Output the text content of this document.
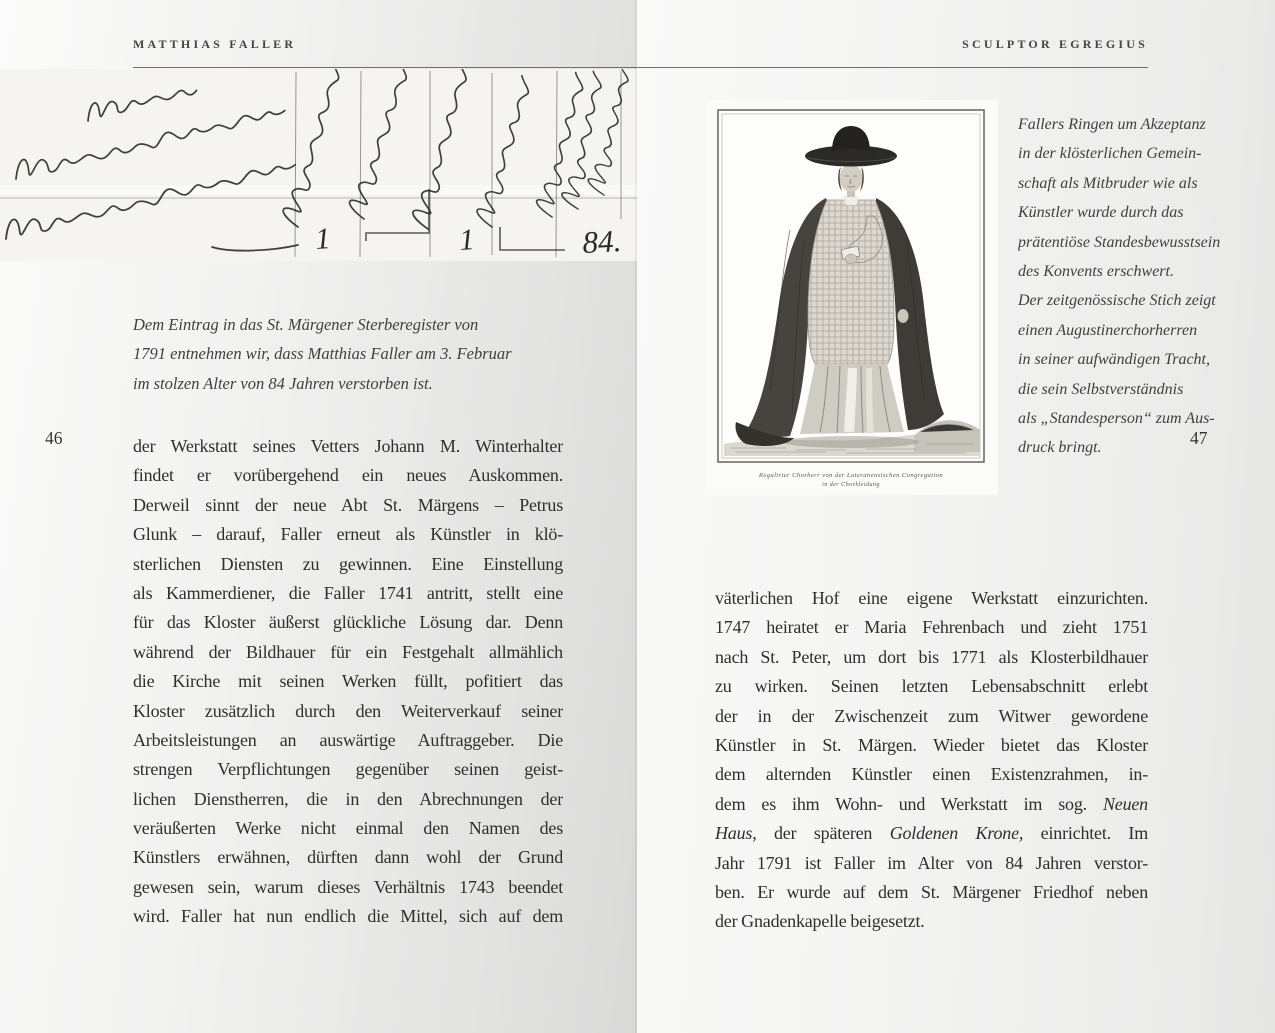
MATTHIAS FALLER
1	1	84.
Dem Eintrag in das St. Märgener Sterberegister von
1791 entnehmen wir, dass Matthias Faller am 3. Februar
im stolzen Alter von 84 Jahren verstorben ist.
46	der Werkstatt seines Vetters Johann M. Winterhalter
findet er vorübergehend ein neues Auskommen.
Derweil sinnt der neue Abt St. Märgens – Petrus
Glunk – darauf, Faller erneut als Künstler in klö-
sterlichen Diensten zu gewinnen. Eine Einstellung
als Kammerdiener, die Faller 1741 antritt, stellt eine
für das Kloster äußerst glückliche Lösung dar. Denn
während der Bildhauer für ein Festgehalt allmählich
die Kirche mit seinen Werken füllt, pofitiert das
Kloster zusätzlich durch den Weiterverkauf seiner
Arbeitsleistungen an auswärtige Auftraggeber. Die
strengen Verpflichtungen gegenüber seinen geist-
lichen Dienstherren, die in den Abrechnungen der
veräußerten Werke nicht einmal den Namen des
Künstlers erwähnen, dürften dann wohl der Grund
gewesen sein, warum dieses Verhältnis 1743 beendet
wird. Faller hat nun endlich die Mittel, sich auf dem
SCULPTOR EGREGIUS
Regulirter Chorherr von der Lateranensischen Congregation
in der Chorkleidung
Fallers Ringen um Akzeptanz
in der klösterlichen Gemein-
schaft als Mitbruder wie als
Künstler wurde durch das
prätentiöse Standesbewusstsein
des Konvents erschwert.
Der zeitgenössische Stich zeigt
einen Augustinerchorherren
in seiner aufwändigen Tracht,
die sein Selbstverständnis
als „Standesperson“ zum Aus-
druck bringt.	47
väterlichen Hof eine eigene Werkstatt einzurichten.
1747 heiratet er Maria Fehrenbach und zieht 1751
nach St. Peter, um dort bis 1771 als Klosterbildhauer
zu wirken. Seinen letzten Lebensabschnitt erlebt
der in der Zwischenzeit zum Witwer gewordene
Künstler in St. Märgen. Wieder bietet das Kloster
dem alternden Künstler einen Existenzrahmen, in-
dem es ihm Wohn- und Werkstatt im sog. Neuen
Haus, der späteren Goldenen Krone, einrichtet. Im
Jahr 1791 ist Faller im Alter von 84 Jahren verstor-
ben. Er wurde auf dem St. Märgener Friedhof neben
der Gnadenkapelle beigesetzt.
